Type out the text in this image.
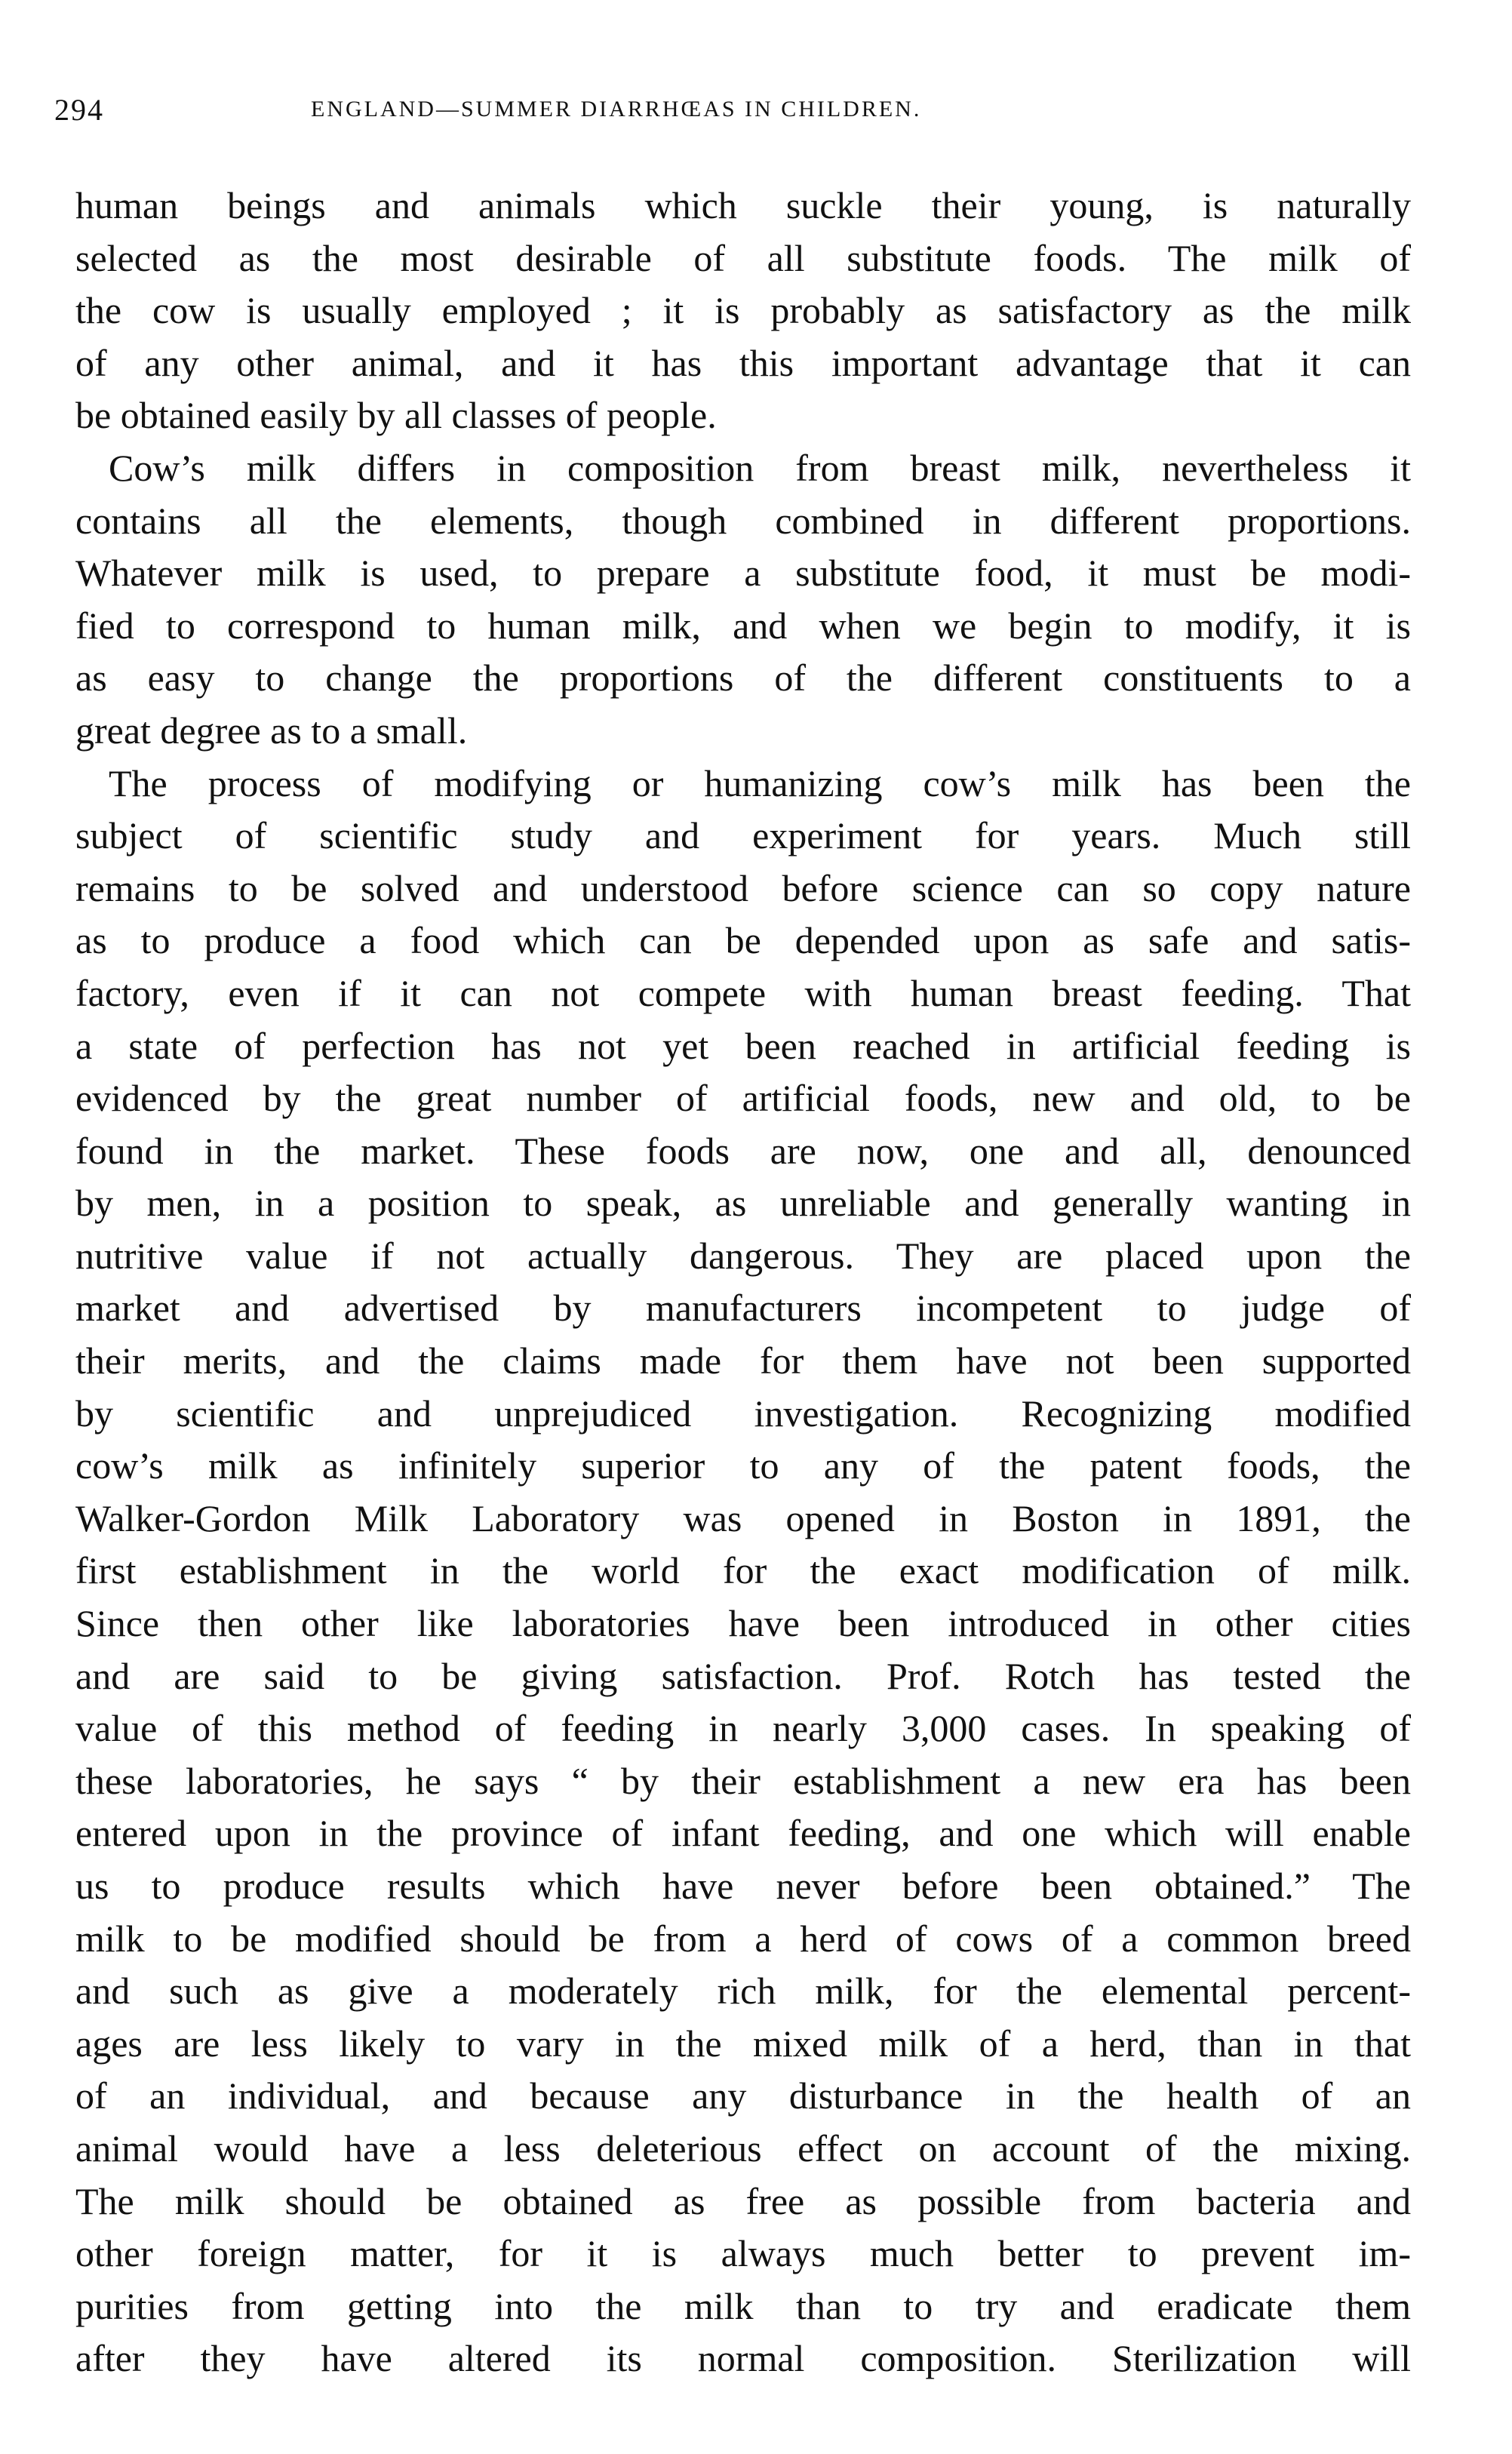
294	ENGLAND—SUMMER DIARRHŒAS IN CHILDREN.
human beings and animals which suckle their young, is naturally
selected as the most desirable of all substitute foods. The milk of
the cow is usually employed ; it is probably as satisfactory as the milk
of any other animal, and it has this important advantage that it can
be obtained easily by all classes of people.
Cow’s milk differs in composition from breast milk, nevertheless it
contains all the elements, though combined in different proportions.
Whatever milk is used, to prepare a substitute food, it must be modi-
fied to correspond to human milk, and when we begin to modify, it is
as easy to change the proportions of the different constituents to a
great degree as to a small.
The process of modifying or humanizing cow’s milk has been the
subject of scientific study and experiment for years. Much still
remains to be solved and understood before science can so copy nature
as to produce a food which can be depended upon as safe and satis-
factory, even if it can not compete with human breast feeding. That
a state of perfection has not yet been reached in artificial feeding is
evidenced by the great number of artificial foods, new and old, to be
found in the market. These foods are now, one and all, denounced
by men, in a position to speak, as unreliable and generally wanting in
nutritive value if not actually dangerous. They are placed upon the
market and advertised by manufacturers incompetent to judge of
their merits, and the claims made for them have not been supported
by scientific and unprejudiced investigation. Recognizing modified
cow’s milk as infinitely superior to any of the patent foods, the
Walker-Gordon Milk Laboratory was opened in Boston in 1891, the
first establishment in the world for the exact modification of milk.
Since then other like laboratories have been introduced in other cities
and are said to be giving satisfaction. Prof. Rotch has tested the
value of this method of feeding in nearly 3,000 cases. In speaking of
these laboratories, he says “ by their establishment a new era has been
entered upon in the province of infant feeding, and one which will enable
us to produce results which have never before been obtained.” The
milk to be modified should be from a herd of cows of a common breed
and such as give a moderately rich milk, for the elemental percent-
ages are less likely to vary in the mixed milk of a herd, than in that
of an individual, and because any disturbance in the health of an
animal would have a less deleterious effect on account of the mixing.
The milk should be obtained as free as possible from bacteria and
other foreign matter, for it is always much better to prevent im-
purities from getting into the milk than to try and eradicate them
after they have altered its normal composition. Sterilization will
